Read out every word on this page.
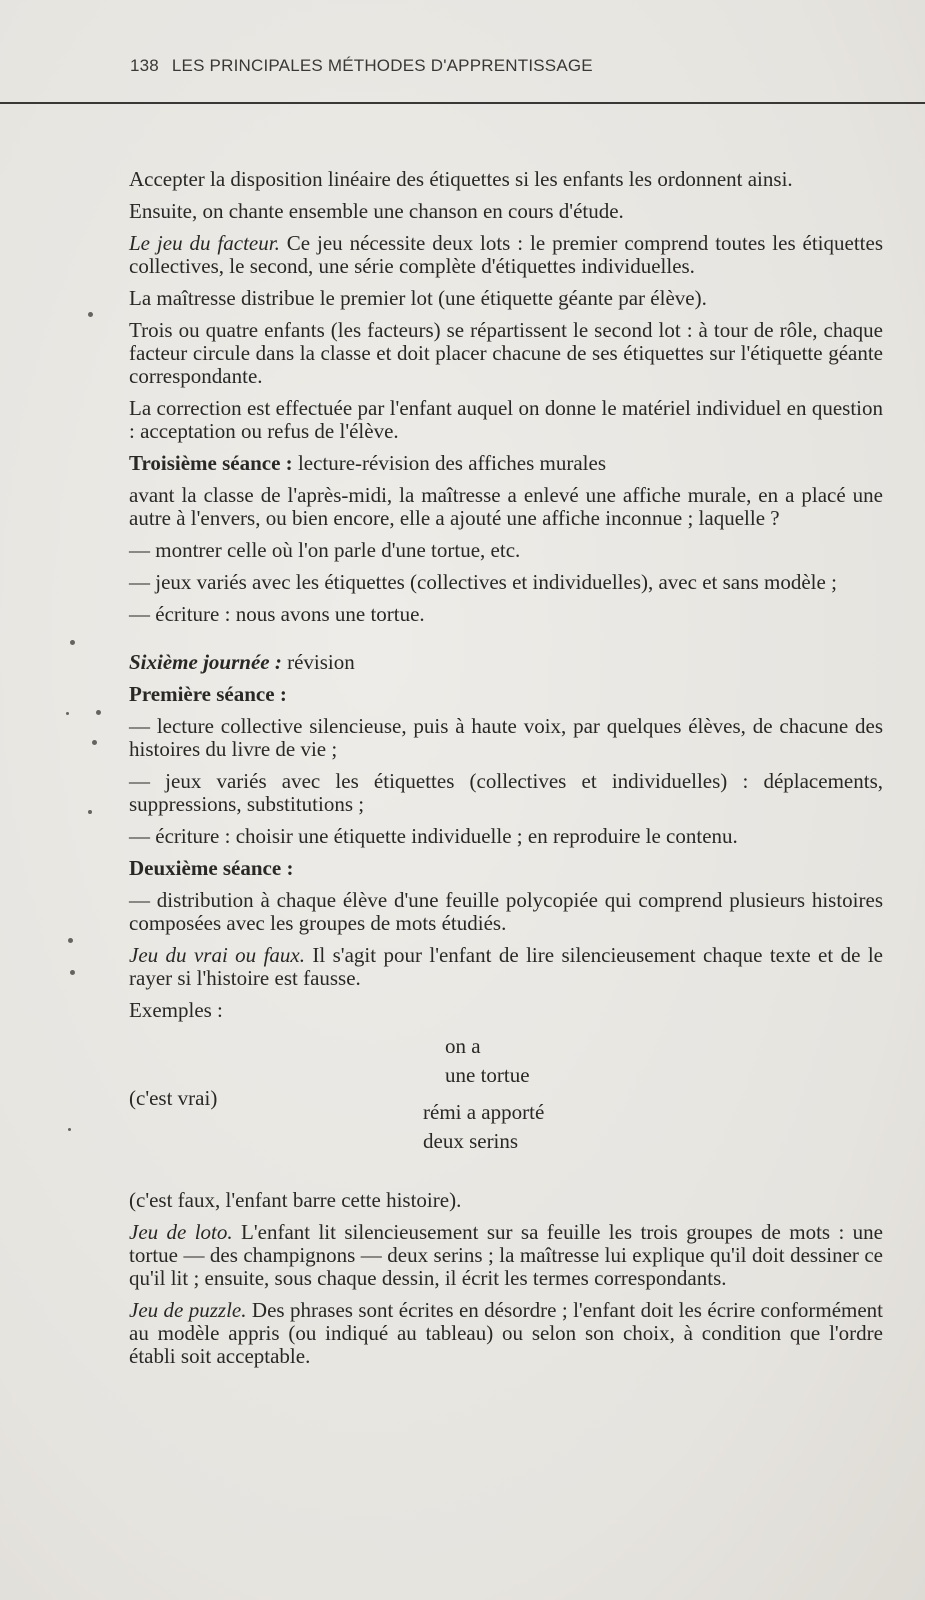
138 LES PRINCIPALES MÉTHODES D'APPRENTISSAGE

Accepter la disposition linéaire des étiquettes si les enfants les ordonnent ainsi.

Ensuite, on chante ensemble une chanson en cours d'étude.

Le jeu du facteur. Ce jeu nécessite deux lots : le premier comprend toutes les étiquettes collectives, le second, une série complète d'étiquettes individuelles.

La maîtresse distribue le premier lot (une étiquette géante par élève).

Trois ou quatre enfants (les facteurs) se répartissent le second lot : à tour de rôle, chaque facteur circule dans la classe et doit placer chacune de ses étiquettes sur l'étiquette géante correspondante.

La correction est effectuée par l'enfant auquel on donne le matériel individuel en question : acceptation ou refus de l'élève.

Troisième séance : lecture-révision des affiches murales

avant la classe de l'après-midi, la maîtresse a enlevé une affiche murale, en a placé une autre à l'envers, ou bien encore, elle a ajouté une affiche inconnue ; laquelle ?

— montrer celle où l'on parle d'une tortue, etc.

— jeux variés avec les étiquettes (collectives et individuelles), avec et sans modèle ;

— écriture : nous avons une tortue.

Sixième journée : révision

Première séance :

— lecture collective silencieuse, puis à haute voix, par quelques élèves, de chacune des histoires du livre de vie ;

— jeux variés avec les étiquettes (collectives et individuelles) : déplacements, suppressions, substitutions ;

— écriture : choisir une étiquette individuelle ; en reproduire le contenu.

Deuxième séance :

— distribution à chaque élève d'une feuille polycopiée qui comprend plusieurs histoires composées avec les groupes de mots étudiés.

Jeu du vrai ou faux. Il s'agit pour l'enfant de lire silencieusement chaque texte et de le rayer si l'histoire est fausse.

Exemples :

on a
une tortue
(c'est vrai)
rémi a apporté
deux serins

(c'est faux, l'enfant barre cette histoire).

Jeu de loto. L'enfant lit silencieusement sur sa feuille les trois groupes de mots : une tortue — des champignons — deux serins ; la maîtresse lui explique qu'il doit dessiner ce qu'il lit ; ensuite, sous chaque dessin, il écrit les termes correspondants.

Jeu de puzzle. Des phrases sont écrites en désordre ; l'enfant doit les écrire conformément au modèle appris (ou indiqué au tableau) ou selon son choix, à condition que l'ordre établi soit acceptable.
